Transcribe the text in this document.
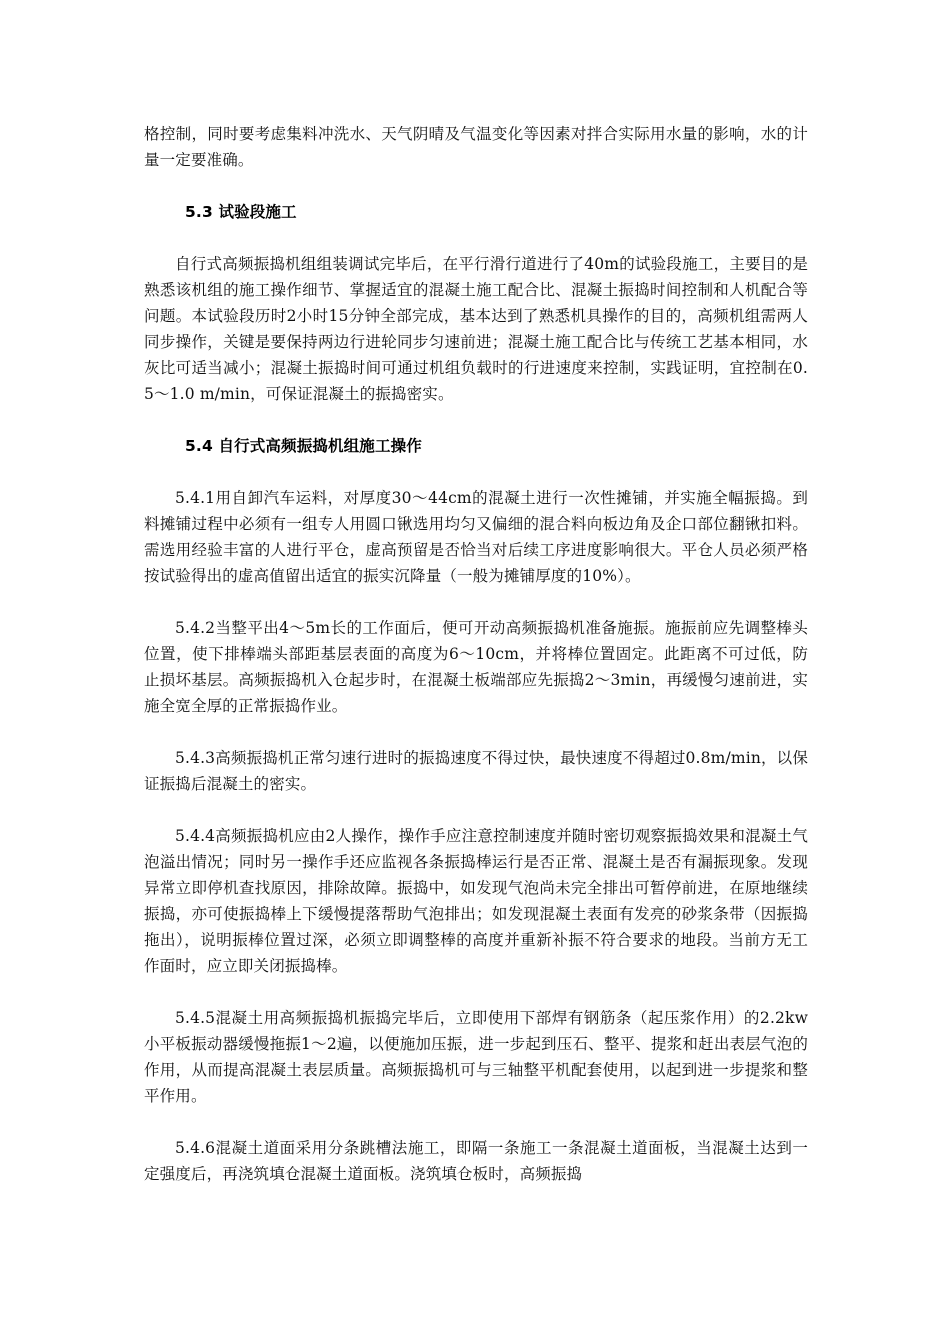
格控制，同时要考虑集料冲洗水、天气阴晴及气温变化等因素对拌合实际用水量的影响，水的计量一定要准确。

5.3 试验段施工

自行式高频振捣机组组装调试完毕后，在平行滑行道进行了40m的试验段施工，主要目的是熟悉该机组的施工操作细节、掌握适宜的混凝土施工配合比、混凝土振捣时间控制和人机配合等问题。本试验段历时2小时15分钟全部完成，基本达到了熟悉机具操作的目的，高频机组需两人同步操作，关键是要保持两边行进轮同步匀速前进；混凝土施工配合比与传统工艺基本相同，水灰比可适当减小；混凝土振捣时间可通过机组负载时的行进速度来控制，实践证明，宜控制在0.5～1.0 m/min，可保证混凝土的振捣密实。

5.4 自行式高频振捣机组施工操作

5.4.1用自卸汽车运料，对厚度30～44cm的混凝土进行一次性摊铺，并实施全幅振捣。到料摊铺过程中必须有一组专人用圆口锹选用均匀又偏细的混合料向板边角及企口部位翻锹扣料。需选用经验丰富的人进行平仓，虚高预留是否恰当对后续工序进度影响很大。平仓人员必须严格按试验得出的虚高值留出适宜的振实沉降量（一般为摊铺厚度的10%）。

5.4.2当整平出4～5m长的工作面后，便可开动高频振捣机准备施振。施振前应先调整棒头位置，使下排棒端头部距基层表面的高度为6～10cm，并将棒位置固定。此距离不可过低，防止损坏基层。高频振捣机入仓起步时，在混凝土板端部应先振捣2～3min，再缓慢匀速前进，实施全宽全厚的正常振捣作业。

5.4.3高频振捣机正常匀速行进时的振捣速度不得过快，最快速度不得超过0.8m/min，以保证振捣后混凝土的密实。

5.4.4高频振捣机应由2人操作，操作手应注意控制速度并随时密切观察振捣效果和混凝土气泡溢出情况；同时另一操作手还应监视各条振捣棒运行是否正常、混凝土是否有漏振现象。发现异常立即停机查找原因，排除故障。振捣中，如发现气泡尚未完全排出可暂停前进，在原地继续振捣，亦可使振捣棒上下缓慢提落帮助气泡排出；如发现混凝土表面有发亮的砂浆条带（因振捣拖出），说明振棒位置过深，必须立即调整棒的高度并重新补振不符合要求的地段。当前方无工作面时，应立即关闭振捣棒。

5.4.5混凝土用高频振捣机振捣完毕后，立即使用下部焊有钢筋条（起压浆作用）的2.2kw小平板振动器缓慢拖振1～2遍，以便施加压振，进一步起到压石、整平、提浆和赶出表层气泡的作用，从而提高混凝土表层质量。高频振捣机可与三轴整平机配套使用，以起到进一步提浆和整平作用。

5.4.6混凝土道面采用分条跳槽法施工，即隔一条施工一条混凝土道面板，当混凝土达到一定强度后，再浇筑填仓混凝土道面板。浇筑填仓板时，高频振捣
